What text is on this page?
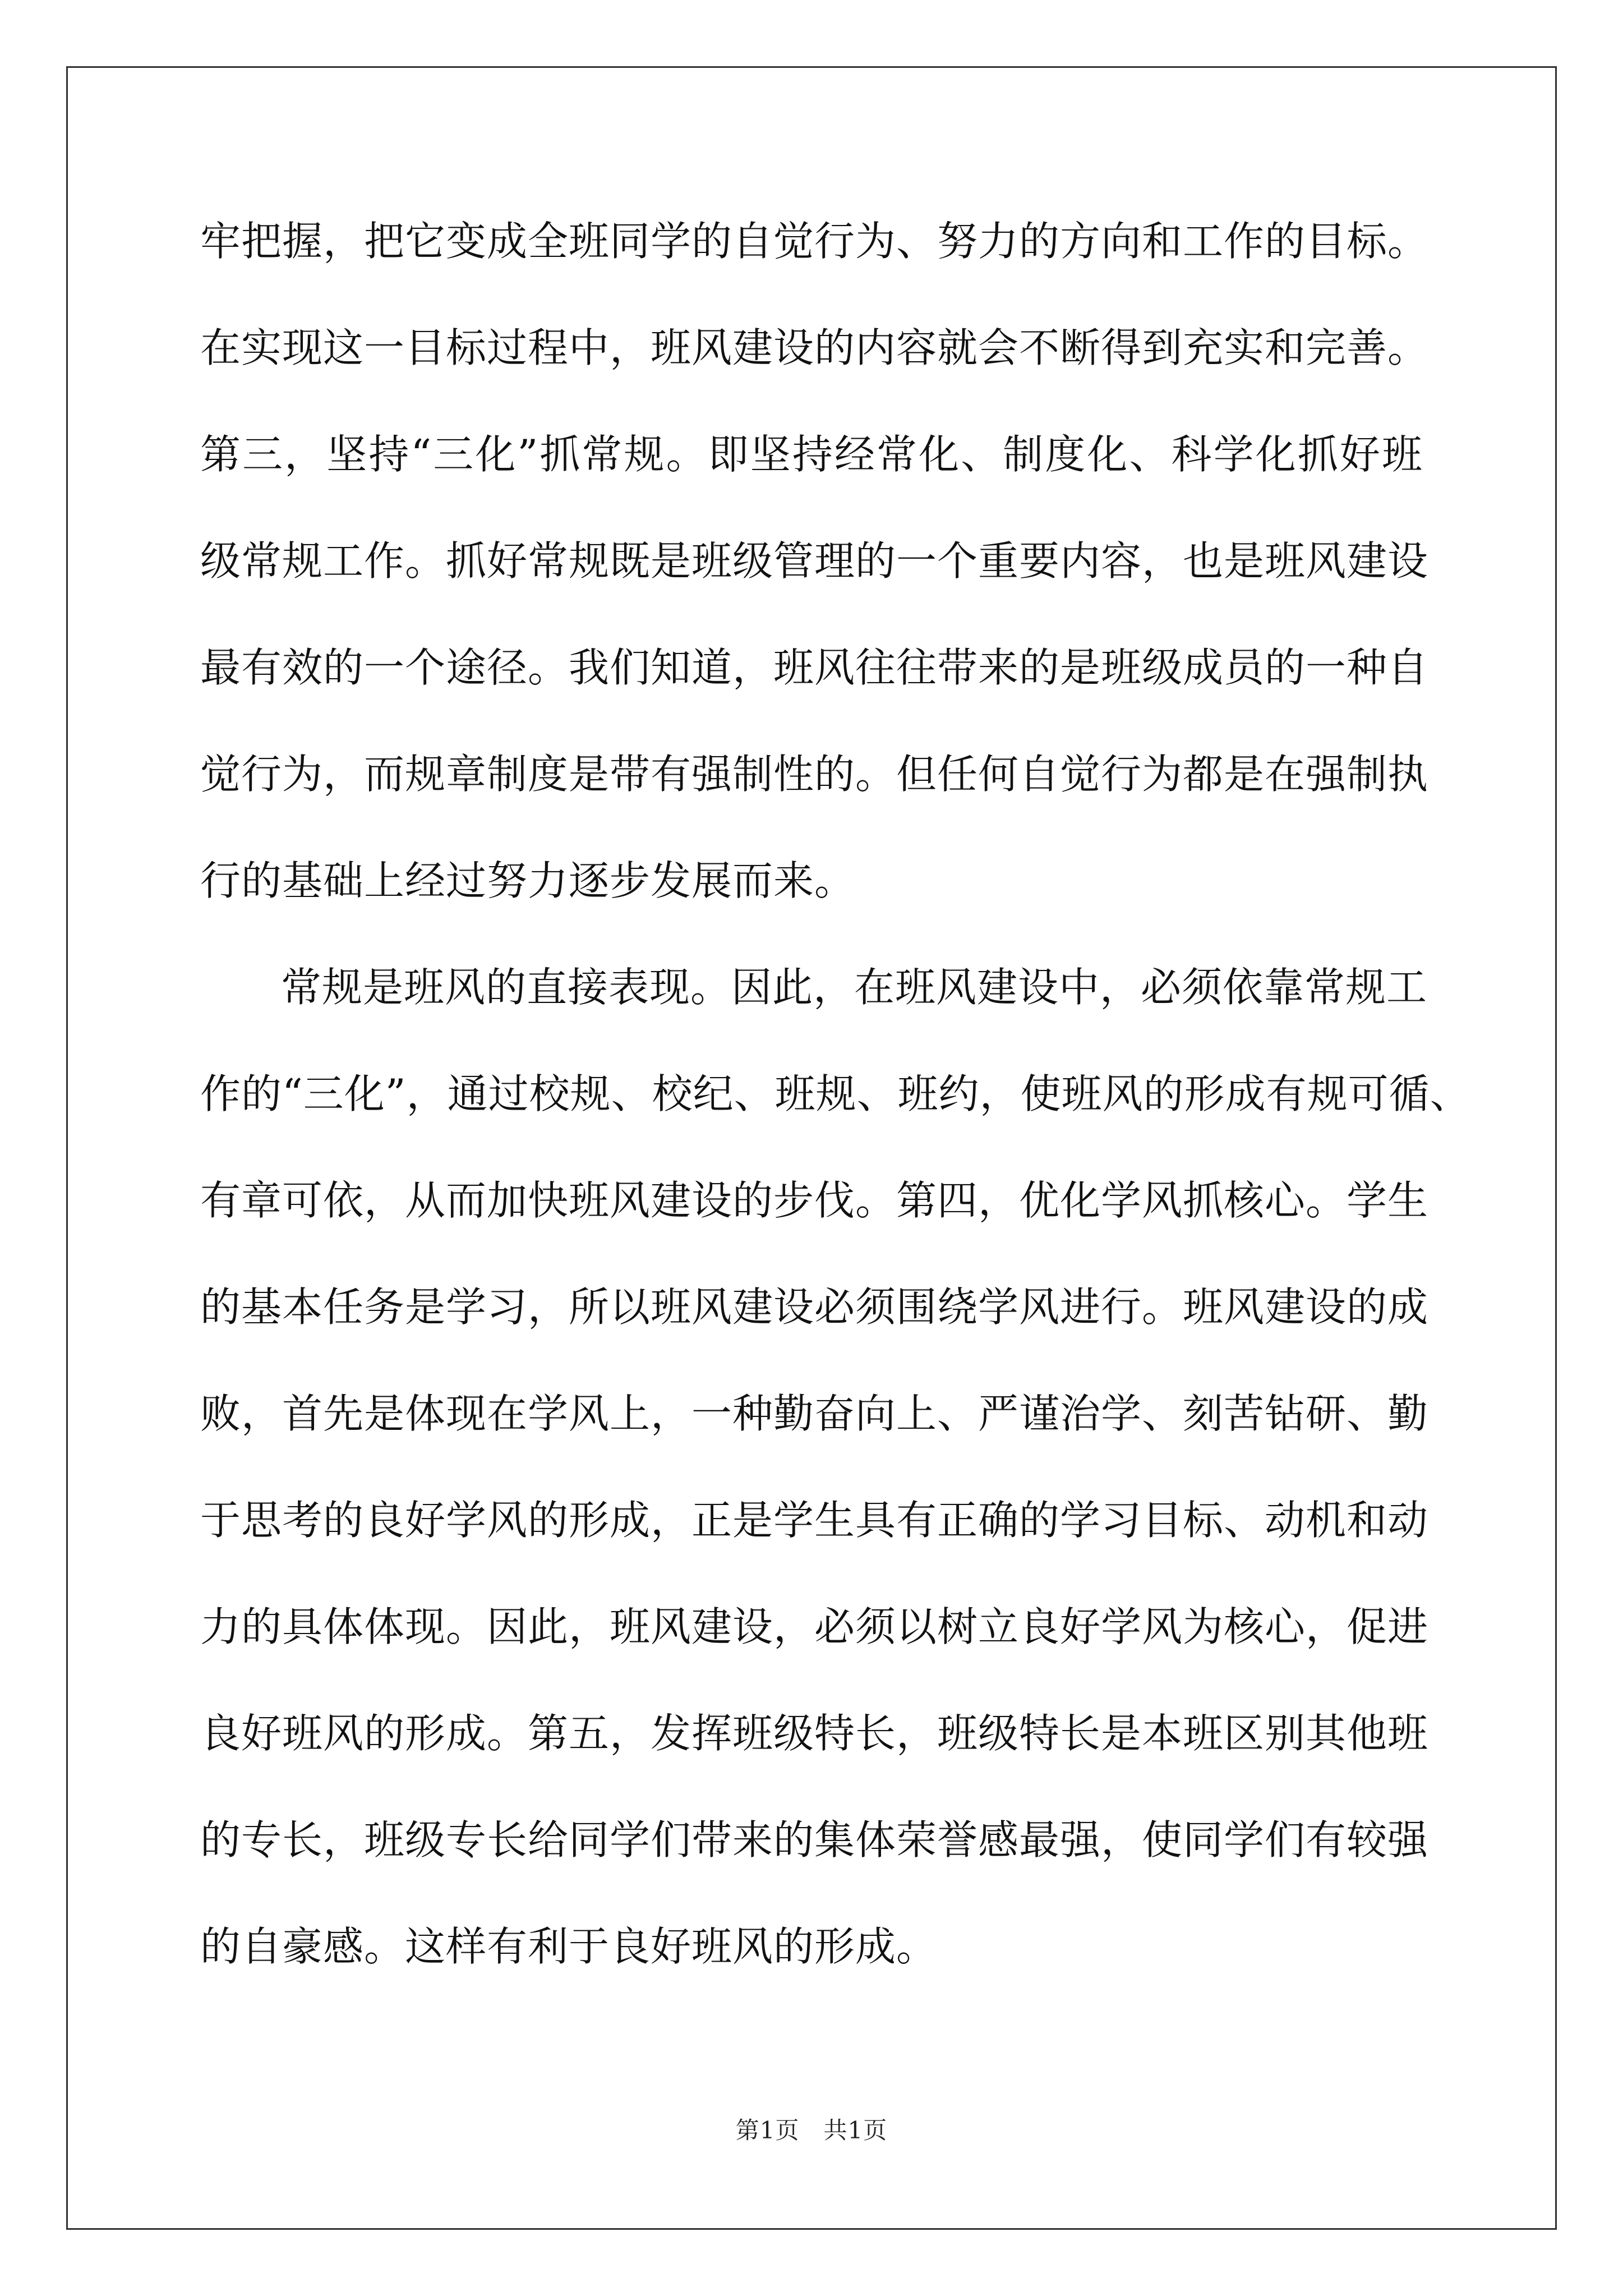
牢把握，把它变成全班同学的自觉行为、努力的方向和工作的目标。
在实现这一目标过程中，班风建设的内容就会不断得到充实和完善。
第三，坚持“三化”抓常规。即坚持经常化、制度化、科学化抓好班
级常规工作。抓好常规既是班级管理的一个重要内容，也是班风建设
最有效的一个途径。我们知道，班风往往带来的是班级成员的一种自
觉行为，而规章制度是带有强制性的。但任何自觉行为都是在强制执
行的基础上经过努力逐步发展而来。
常规是班风的直接表现。因此，在班风建设中，必须依靠常规工
作的“三化”，通过校规、校纪、班规、班约，使班风的形成有规可循、
有章可依，从而加快班风建设的步伐。第四，优化学风抓核心。学生
的基本任务是学习，所以班风建设必须围绕学风进行。班风建设的成
败，首先是体现在学风上，一种勤奋向上、严谨治学、刻苦钻研、勤
于思考的良好学风的形成，正是学生具有正确的学习目标、动机和动
力的具体体现。因此，班风建设，必须以树立良好学风为核心，促进
良好班风的形成。第五，发挥班级特长，班级特长是本班区别其他班
的专长，班级专长给同学们带来的集体荣誉感最强，使同学们有较强
的自豪感。这样有利于良好班风的形成。
第1页　共1页
